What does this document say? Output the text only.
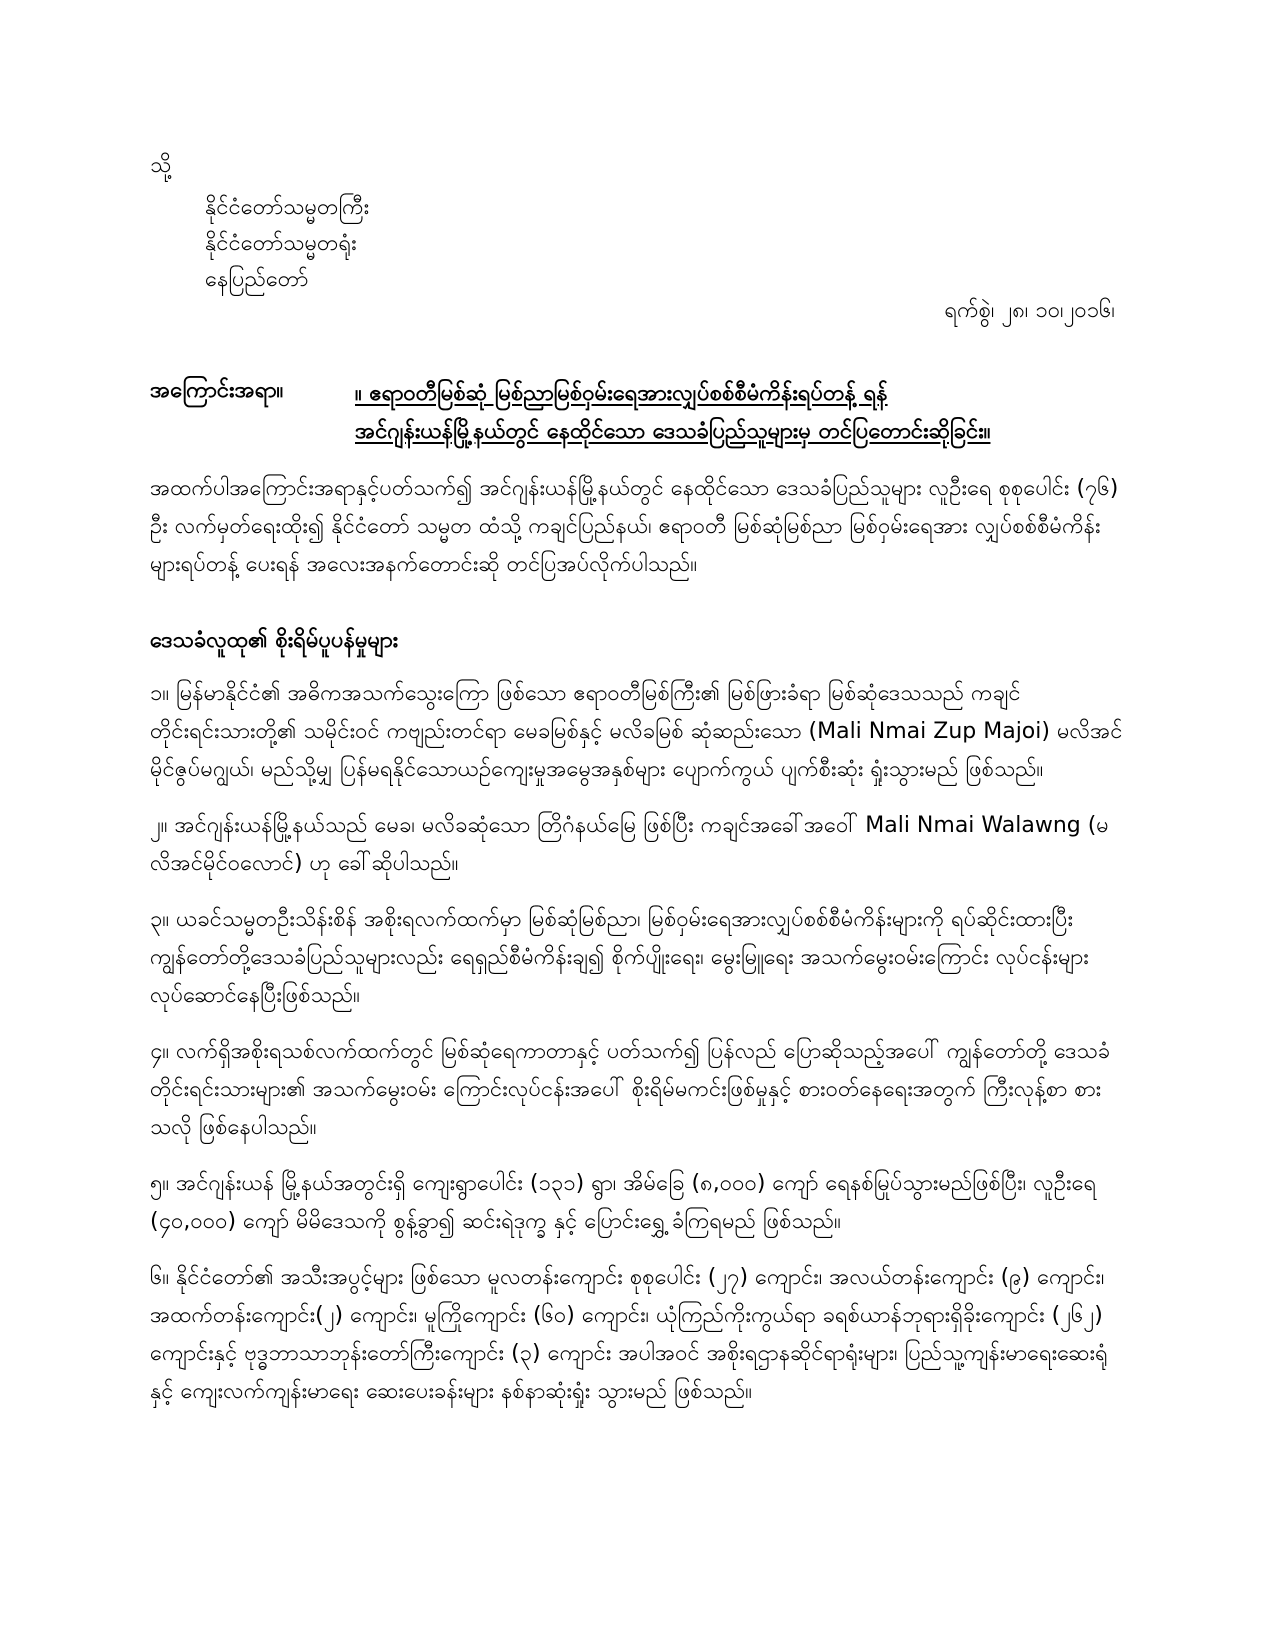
သို့
နိုင်ငံတော်သမ္မတကြီး
နိုင်ငံတော်သမ္မတရုံး
နေပြည်တော်
ရက်စွဲ၊ ၂၈၊ ၁၀၊၂၀၁၆၊
အကြောင်းအရာ။	။ ဧရာဝတီမြစ်ဆုံ မြစ်ညာမြစ်ဝှမ်းရေအားလျှပ်စစ်စီမံကိန်းရပ်တန့် ရန်
အင်ဂျန်းယန်မြို့နယ်တွင် နေထိုင်သော ဒေသခံပြည်သူများမှ တင်ပြတောင်းဆိုခြင်း။
အထက်ပါအကြောင်းအရာနှင့်ပတ်သက်၍ အင်ဂျန်းယန်မြို့နယ်တွင် နေထိုင်သော ဒေသခံပြည်သူများ လူဦးရေ စုစုပေါင်း (၇၆) ဦး လက်မှတ်ရေးထိုး၍ နိုင်ငံတော် သမ္မတ ထံသို့ ကချင်ပြည်နယ်၊ ဧရာဝတီ မြစ်ဆုံမြစ်ညာ မြစ်ဝှမ်းရေအား လျှပ်စစ်စီမံကိန်းများရပ်တန့် ပေးရန် အလေးအနက်တောင်းဆို တင်ပြအပ်လိုက်ပါသည်။
ဒေသခံလူထု၏ စိုးရိမ်ပူပန်မှုများ

၁။ မြန်မာနိုင်ငံ၏ အဓိကအသက်သွေးကြော ဖြစ်သော ဧရာဝတီမြစ်ကြီး၏ မြစ်ဖြားခံရာ မြစ်ဆုံဒေသသည် ကချင်တိုင်းရင်းသားတို့၏ သမိုင်းဝင် ကဗျည်းတင်ရာ မေခမြစ်နှင့် မလိခမြစ် ဆုံဆည်းသော (Mali Nmai Zup Majoi) မလိအင်မိုင်ဇွပ်မဂျွယ်၊ မည်သို့မျှ ပြန်မရနိုင်သောယဉ်ကျေးမှုအမွေအနှစ်များ ပျောက်ကွယ် ပျက်စီးဆုံး ရှုံးသွားမည် ဖြစ်သည်။

၂။ အင်ဂျန်းယန်မြို့နယ်သည် မေခ၊ မလိခဆုံသော တြိဂံနယ်မြေ ဖြစ်ပြီး ကချင်အခေါ်အဝေါ် Mali Nmai Walawng (မလိအင်မိုင်ဝလောင်) ဟု ခေါ်ဆိုပါသည်။

၃။ ယခင်သမ္မတဦးသိန်းစိန် အစိုးရလက်ထက်မှာ မြစ်ဆုံမြစ်ညာ၊ မြစ်ဝှမ်းရေအားလျှပ်စစ်စီမံကိန်းများကို ရပ်ဆိုင်းထားပြီး ကျွန်တော်တို့ဒေသခံပြည်သူများလည်း ရေရှည်စီမံကိန်းချ၍ စိုက်ပျိုးရေး၊ မွေးမြူရေး အသက်မွေးဝမ်းကြောင်း လုပ်ငန်းများ လုပ်ဆောင်နေပြီးဖြစ်သည်။

၄။ လက်ရှိအစိုးရသစ်လက်ထက်တွင် မြစ်ဆုံရေကာတာနှင့် ပတ်သက်၍ ပြန်လည် ပြောဆိုသည့်အပေါ် ကျွန်တော်တို့ ဒေသခံတိုင်းရင်းသားများ၏ အသက်မွေးဝမ်း ကြောင်းလုပ်ငန်းအပေါ် စိုးရိမ်မကင်းဖြစ်မှုနှင့် စားဝတ်နေရေးအတွက် ကြီးလုန့်စာ စားသလို ဖြစ်နေပါသည်။

၅။ အင်ဂျန်းယန် မြို့နယ်အတွင်းရှိ ကျေးရွာပေါင်း (၁၃၁) ရွာ၊ အိမ်ခြေ (၈,၀၀၀) ကျော် ရေနစ်မြုပ်သွားမည်ဖြစ်ပြီး၊ လူဦးရေ (၄၀,၀၀၀) ကျော် မိမိဒေသကို စွန့်ခွာ၍ ဆင်းရဲဒုက္ခ နှင့် ပြောင်းရွှေ့ ခံကြရမည် ဖြစ်သည်။

၆။ နိုင်ငံတော်၏ အသီးအပွင့်များ ဖြစ်သော မူလတန်းကျောင်း စုစုပေါင်း (၂၇) ကျောင်း၊ အလယ်တန်းကျောင်း (၉) ကျောင်း၊ အထက်တန်းကျောင်း(၂) ကျောင်း၊ မူကြိုကျောင်း (၆၀) ကျောင်း၊ ယုံကြည်ကိုးကွယ်ရာ ခရစ်ယာန်ဘုရားရှိခိုးကျောင်း (၂၆၂) ကျောင်းနှင့် ဗုဒ္ဓဘာသာဘုန်းတော်ကြီးကျောင်း (၃) ကျောင်း အပါအဝင် အစိုးရဌာနဆိုင်ရာရုံးများ၊ ပြည်သူ့ကျန်းမာရေးဆေးရုံနှင့် ကျေးလက်ကျန်းမာရေး ဆေးပေးခန်းများ နစ်နာဆုံးရှုံး သွားမည် ဖြစ်သည်။
